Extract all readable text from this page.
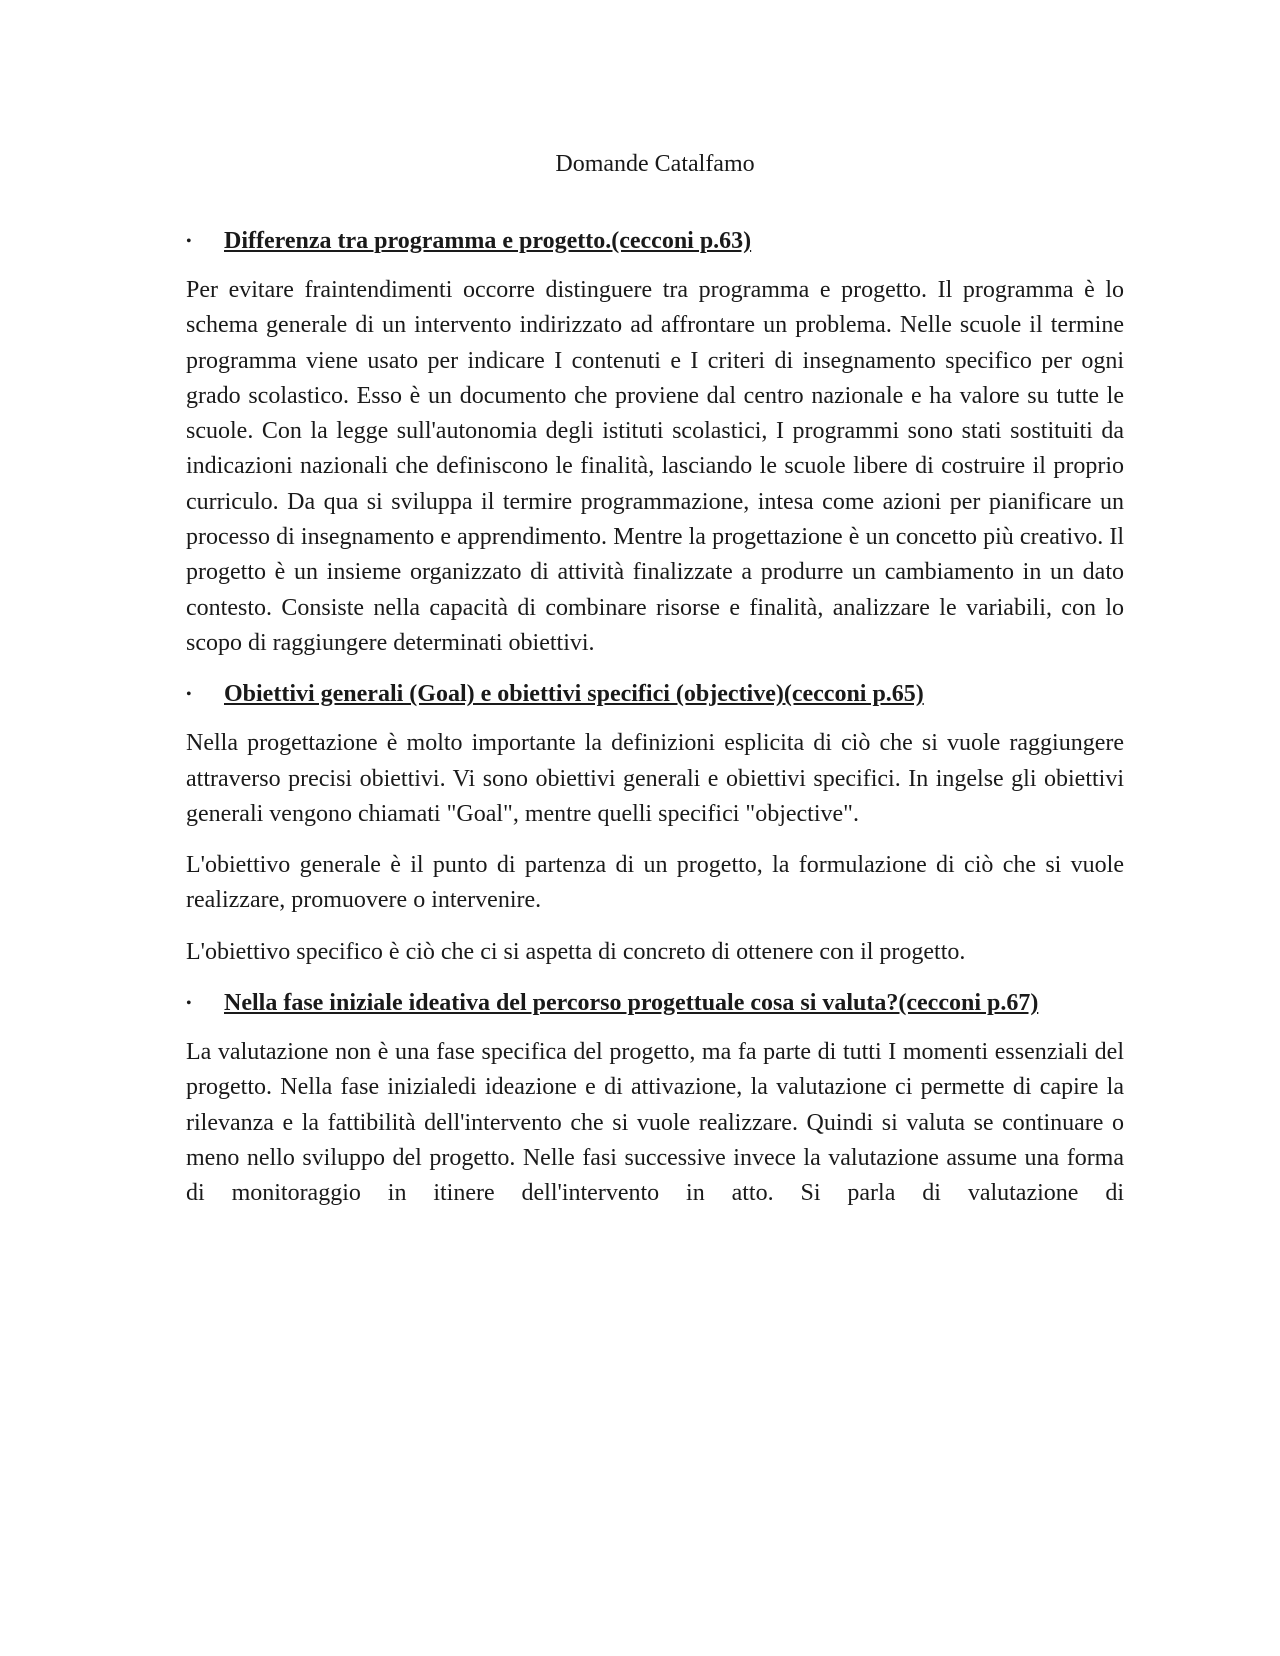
Domande Catalfamo
• Differenza tra programma e progetto.(cecconi p.63)

Per evitare fraintendimenti occorre distinguere tra programma e progetto. Il programma è lo schema generale di un intervento indirizzato ad affrontare un problema. Nelle scuole il termine programma viene usato per indicare I contenuti e I criteri di insegnamento specifico per ogni grado scolastico. Esso è un documento che proviene dal centro nazionale e ha valore su tutte le scuole. Con la legge sull'autonomia degli istituti scolastici, I programmi sono stati sostituiti da indicazioni nazionali che definiscono le finalità, lasciando le scuole libere di costruire il proprio curriculo. Da qua si sviluppa il termire programmazione, intesa come azioni per pianificare un processo di insegnamento e apprendimento. Mentre la progettazione è un concetto più creativo. Il progetto è un insieme organizzato di attività finalizzate a produrre un cambiamento in un dato contesto. Consiste nella capacità di combinare risorse e finalità, analizzare le variabili, con lo scopo di raggiungere determinati obiettivi.

• Obiettivi generali (Goal) e obiettivi specifici (objective)(cecconi p.65)

Nella progettazione è molto importante la definizioni esplicita di ciò che si vuole raggiungere attraverso precisi obiettivi. Vi sono obiettivi generali e obiettivi specifici. In ingelse gli obiettivi generali vengono chiamati "Goal", mentre quelli specifici "objective".

L'obiettivo generale è il punto di partenza di un progetto, la formulazione di ciò che si vuole realizzare, promuovere o intervenire.

L'obiettivo specifico è ciò che ci si aspetta di concreto di ottenere con il progetto.

• Nella fase iniziale ideativa del percorso progettuale cosa si valuta?(cecconi p.67)

La valutazione non è una fase specifica del progetto, ma fa parte di tutti I momenti essenziali del progetto. Nella fase inizialedi ideazione e di attivazione, la valutazione ci permette di capire la rilevanza e la fattibilità dell'intervento che si vuole realizzare. Quindi si valuta se continuare o meno nello sviluppo del progetto. Nelle fasi successive invece la valutazione assume una forma di monitoraggio in itinere dell'intervento in atto. Si parla di valutazione di
